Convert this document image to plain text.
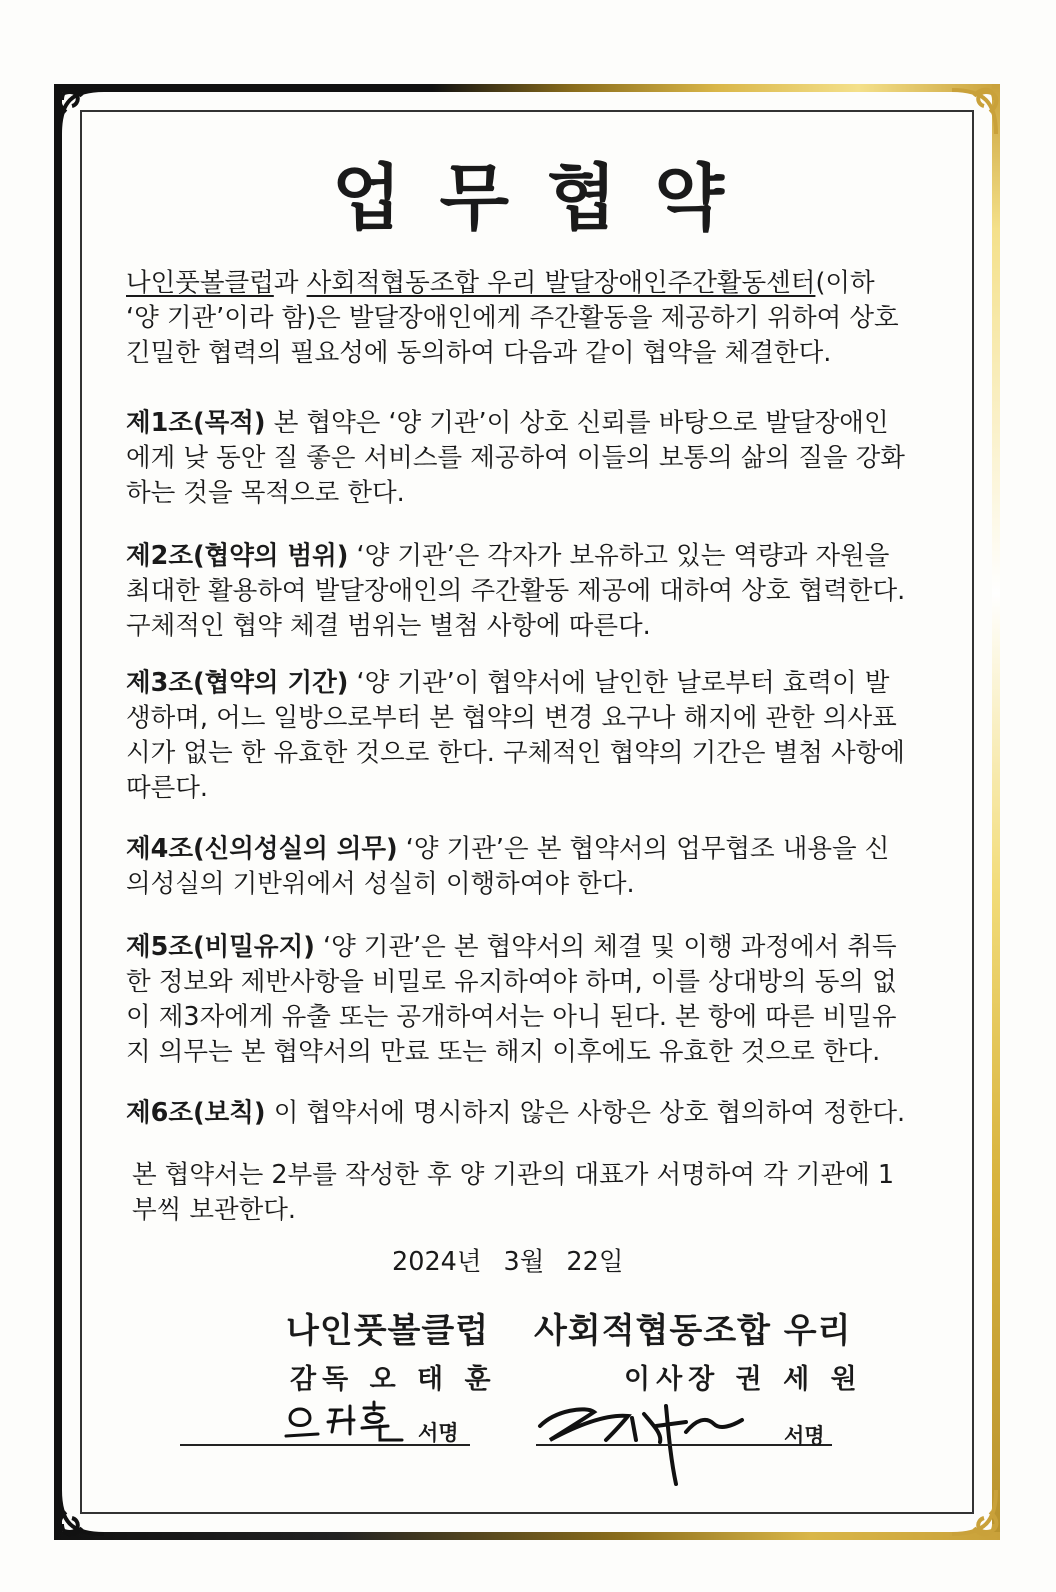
업무협약
나인풋볼클럽과 사회적협동조합 우리 발달장애인주간활동센터(이하 ‘양 기관’이라 함)은 발달장애인에게 주간활동을 제공하기 위하여 상호 긴밀한 협력의 필요성에 동의하여 다음과 같이 협약을 체결한다.
제1조(목적) 본 협약은 ‘양 기관’이 상호 신뢰를 바탕으로 발달장애인에게 낮 동안 질 좋은 서비스를 제공하여 이들의 보통의 삶의 질을 강화하는 것을 목적으로 한다.
제2조(협약의 범위) ‘양 기관’은 각자가 보유하고 있는 역량과 자원을 최대한 활용하여 발달장애인의 주간활동 제공에 대하여 상호 협력한다. 구체적인 협약 체결 범위는 별첨 사항에 따른다.
제3조(협약의 기간) ‘양 기관’이 협약서에 날인한 날로부터 효력이 발생하며, 어느 일방으로부터 본 협약의 변경 요구나 해지에 관한 의사표시가 없는 한 유효한 것으로 한다. 구체적인 협약의 기간은 별첨 사항에 따른다.
제4조(신의성실의 의무) ‘양 기관’은 본 협약서의 업무협조 내용을 신의성실의 기반위에서 성실히 이행하여야 한다.
제5조(비밀유지) ‘양 기관’은 본 협약서의 체결 및 이행 과정에서 취득한 정보와 제반사항을 비밀로 유지하여야 하며, 이를 상대방의 동의 없이 제3자에게 유출 또는 공개하여서는 아니 된다. 본 항에 따른 비밀유지 의무는 본 협약서의 만료 또는 해지 이후에도 유효한 것으로 한다.
제6조(보칙) 이 협약서에 명시하지 않은 사항은 상호 협의하여 정한다.
본 협약서는 2부를 작성한 후 양 기관의 대표가 서명하여 각 기관에 1부씩 보관한다.
2024년 3월 22일
나인풋볼클럽 사회적협동조합 우리
감독 오 태 훈	이사장 권 세 원
서명	서명
